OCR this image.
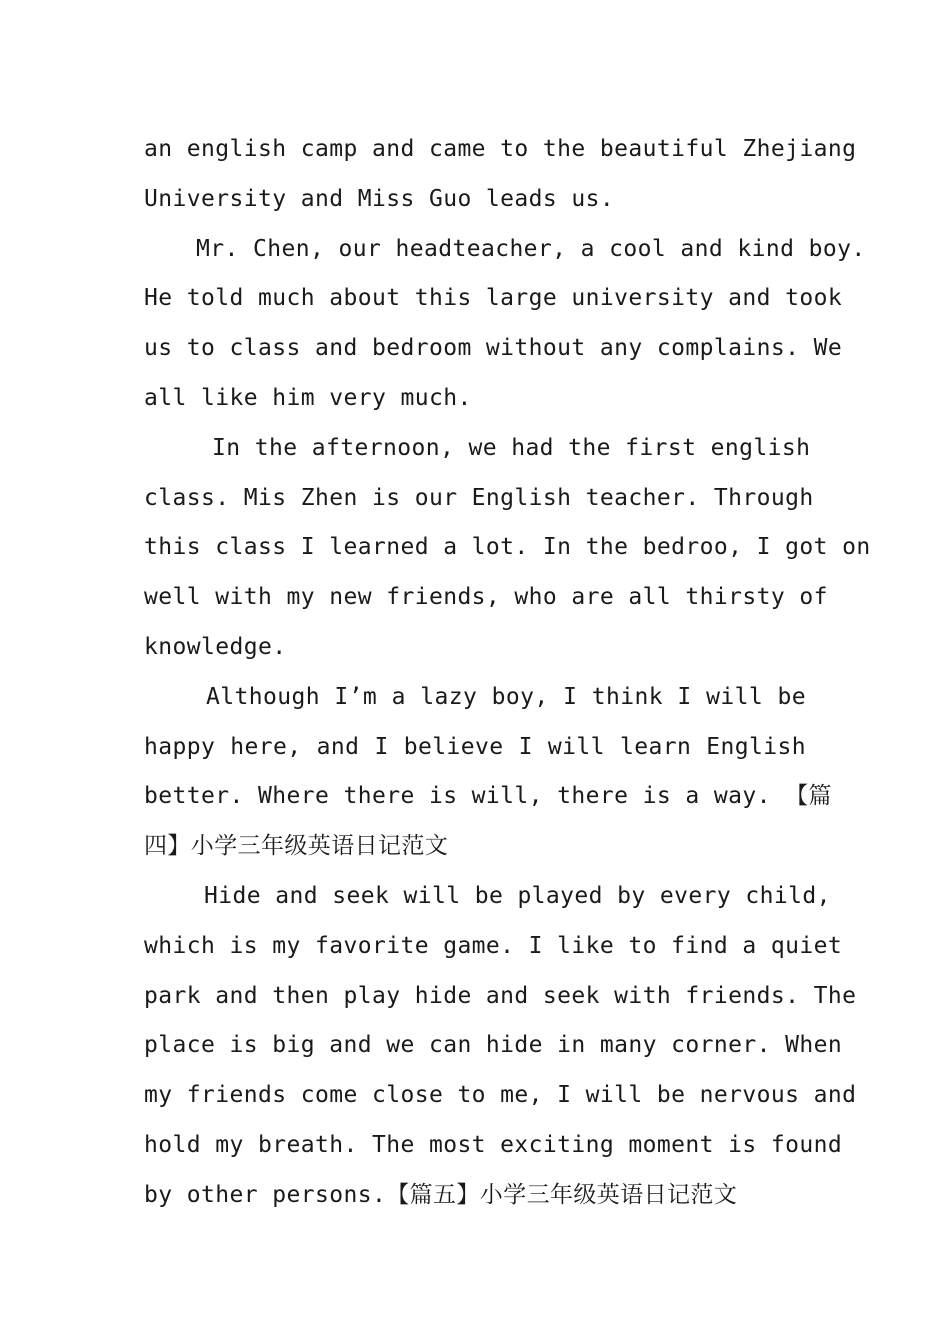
an english camp and came to the beautiful Zhejiang
University and Miss Guo leads us.
Mr. Chen, our headteacher, a cool and kind boy.
He told much about this large university and took
us to class and bedroom without any complains. We
all like him very much.
In the afternoon, we had the first english
class. Mis Zhen is our English teacher. Through
this class I learned a lot. In the bedroo, I got on
well with my new friends, who are all thirsty of
knowledge.
Although I’m a lazy boy, I think I will be
happy here, and I believe I will learn English
better. Where there is will, there is a way. 【篇
四】小学三年级英语日记范文
Hide and seek will be played by every child,
which is my favorite game. I like to find a quiet
park and then play hide and seek with friends. The
place is big and we can hide in many corner. When
my friends come close to me, I will be nervous and
hold my breath. The most exciting moment is found
by other persons.【篇五】小学三年级英语日记范文
